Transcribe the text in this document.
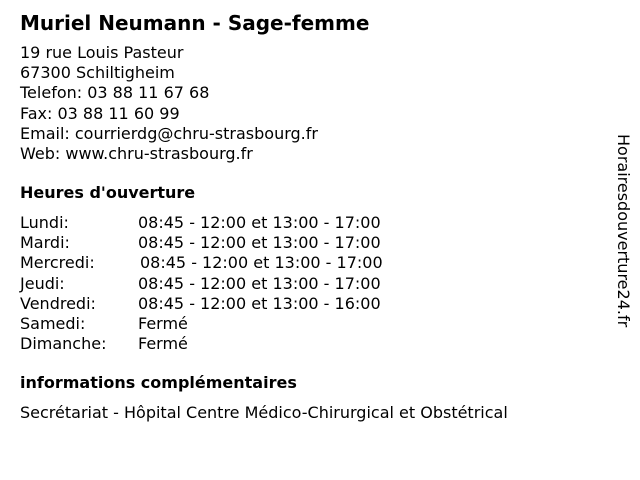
Muriel Neumann - Sage-femme
19 rue Louis Pasteur
67300 Schiltigheim
Telefon: 03 88 11 67 68
Fax: 03 88 11 60 99
Email: courrierdg@chru-strasbourg.fr
Web: www.chru-strasbourg.fr
Heures d'ouverture
Lundi:	08:45 - 12:00 et 13:00 - 17:00
Mardi:	08:45 - 12:00 et 13:00 - 17:00
Mercredi:	08:45 - 12:00 et 13:00 - 17:00
Jeudi:	08:45 - 12:00 et 13:00 - 17:00
Vendredi:	08:45 - 12:00 et 13:00 - 16:00
Samedi:	Fermé
Dimanche: Fermé
informations complémentaires
Secrétariat - Hôpital Centre Médico-Chirurgical et Obstétrical
Horairesdouverture24.fr
